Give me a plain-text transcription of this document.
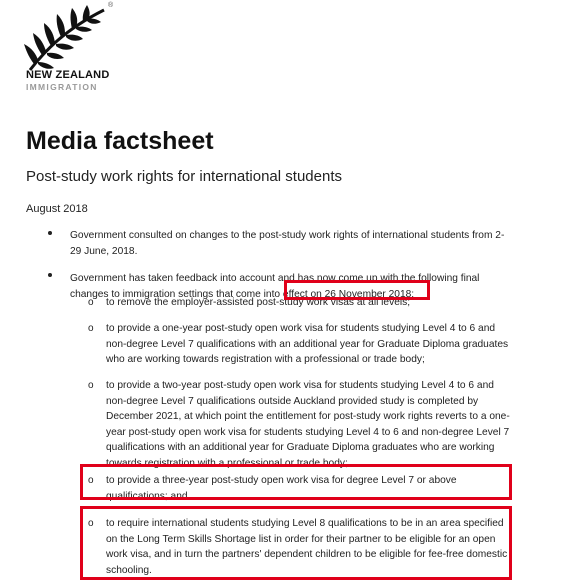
®
NEW ZEALAND
IMMIGRATION
Media factsheet
Post-study work rights for international students
August 2018
Government consulted on changes to the post-study work rights of international students from 2- 29 June, 2018.
Government has taken feedback into account and has now come up with the following final changes to immigration settings that come into effect on 26 November 2018:
o to remove the employer-assisted post-study work visas at all levels;
o to provide a one-year post-study open work visa for students studying Level 4 to 6 and non-degree Level 7 qualifications with an additional year for Graduate Diploma graduates who are working towards registration with a professional or trade body;
o to provide a two-year post-study open work visa for students studying Level 4 to 6 and non-degree Level 7 qualifications outside Auckland provided study is completed by December 2021, at which point the entitlement for post-study work rights reverts to a one-year post-study open work visa for students studying Level 4 to 6 and non-degree Level 7 qualifications with an additional year for Graduate Diploma graduates who are working towards registration with a professional or trade body;
o to provide a three-year post-study open work visa for degree Level 7 or above qualifications; and
o to require international students studying Level 8 qualifications to be in an area specified on the Long Term Skills Shortage list in order for their partner to be eligible for an open work visa, and in turn the partners' dependent children to be eligible for fee-free domestic schooling.
